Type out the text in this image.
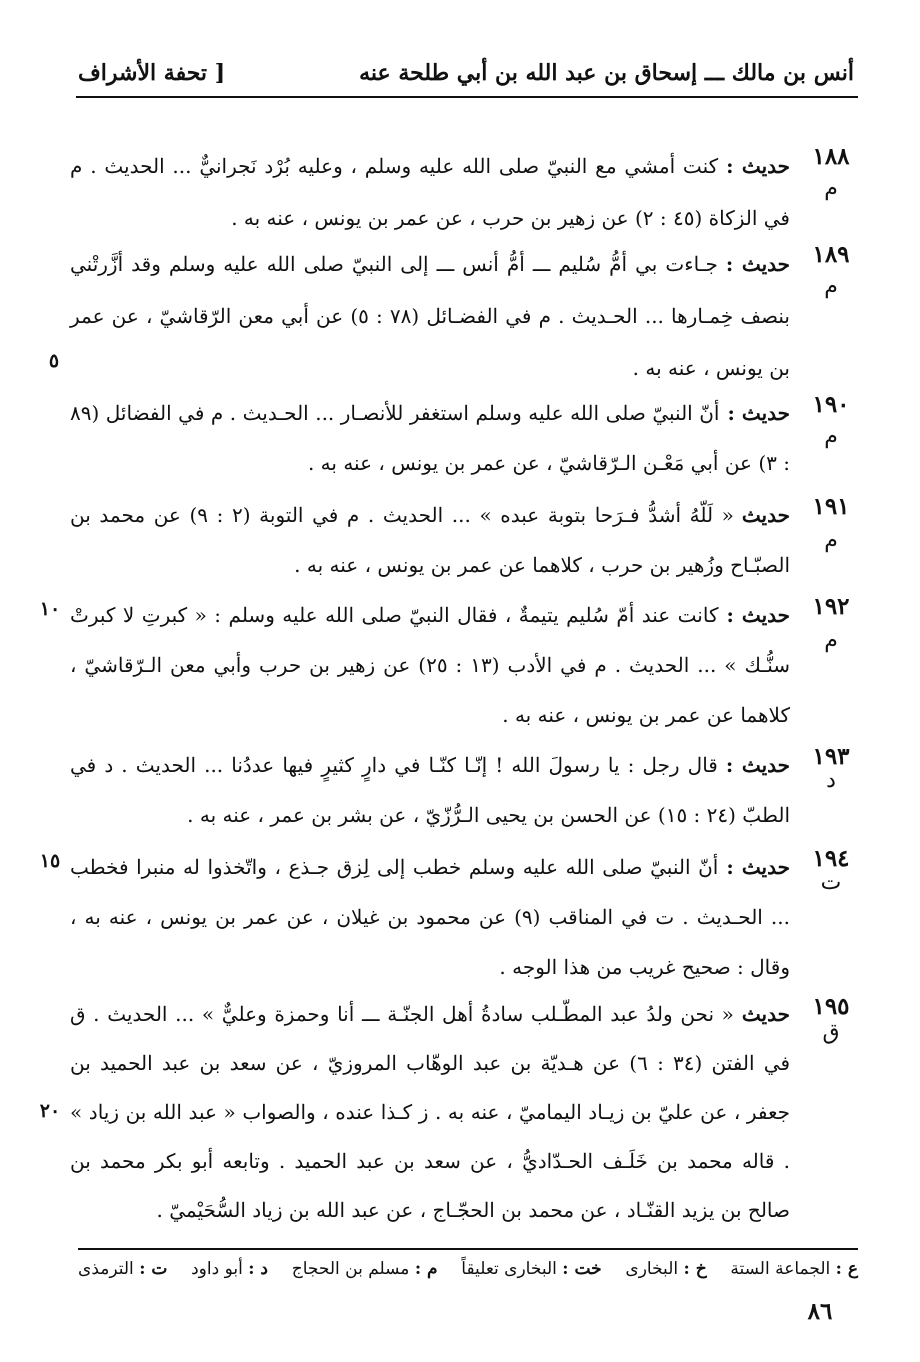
أنس بن مالك ـــ إسحاق بن عبد الله بن أبي طلحة عنه
[ تحفة الأشراف
١٨٨
م

حديث :كنت أمشي مع النبيّ صلى الله عليه وسلم ، وعليه بُرْد نَجرانيٌّ ... الحديث . م في الزكاة (٤٥ : ٢) عن زهير بن حرب ، عن عمر بن يونس ، عنه به .

١٨٩
م

حديث :جـاءت بي أمُّ سُليم ـــ أمُّ أنس ـــ إلى النبيّ صلى الله عليه وسلم وقد أزَّرتْني بنصف خِمـارها ... الحـديث . م في الفضـائل (٧٨ : ٥) عن أبي معن الرّقاشيّ ، عن عمر بن يونس ، عنه به .

١٩٠
م

حديث :أنّ النبيّ صلى الله عليه وسلم استغفر للأنصـار ... الحـديث . م في الفضائل (٨٩ : ٣) عن أبي مَعْـن الـرّقاشيّ ، عن عمر بن يونس ، عنه به .

١٩١
م

حديث« لَلّهُ أشدُّ فـرَحا بتوبة عبده » ... الحديث . م في التوبة (٢ : ٩) عن محمد بن الصبّـاح وزُهير بن حرب ، كلاهما عن عمر بن يونس ، عنه به .

١٩٢
م

حديث :كانت عند أمّ سُليم يتيمةٌ ، فقال النبيّ صلى الله عليه وسلم : « كبرتِ لا كبرتْ سنُّـك » ... الحديث . م في الأدب (١٣ : ٢٥) عن زهير بن حرب وأبي معن الـرّقاشيّ ، كلاهما عن عمر بن يونس ، عنه به .

١٩٣
د

حديث :قال رجل : يا رسولَ الله ! إنّـا كنّـا في دارٍ كثيرٍ فيها عددُنا ... الحديث . د في الطبّ (٢٤ : ١٥) عن الحسن بن يحيى الـرُّزّيّ ، عن بشر بن عمر ، عنه به .

١٩٤
ت

حديث :أنّ النبيّ صلى الله عليه وسلم خطب إلى لِزق جـذع ، واتّخذوا له منبرا فخطب ... الحـديث . ت في المناقب (٩) عن محمود بن غيلان ، عن عمر بن يونس ، عنه به ، وقال : صحيح غريب من هذا الوجه .

١٩٥
ق

حديث« نحن ولدُ عبد المطّـلب سادةُ أهل الجنّـة ـــ أنا وحمزة وعليٌّ » ... الحديث . ق في الفتن (٣٤ : ٦) عن هـديّة بن عبد الوهّاب المروزيّ ، عن سعد بن عبد الحميد بن جعفر ، عن عليّ بن زيـاد اليماميّ ، عنه به . ز كـذا عنده ، والصواب « عبد الله بن زياد » . قاله محمد بن خَلَـف الحـدّاديُّ ، عن سعد بن عبد الحميد . وتابعه أبو بكر محمد بن صالح بن يزيد القنّـاد ، عن محمد بن الحجّـاج ، عن عبد الله بن زياد السُّحَيْميّ .

٥
١٠
١٥
٢٠
ع : الجماعة الستة
خ : البخارى
خت : البخارى تعليقاً
م : مسلم بن الحجاج
د : أبو داود
ت : الترمذى
٨٦
